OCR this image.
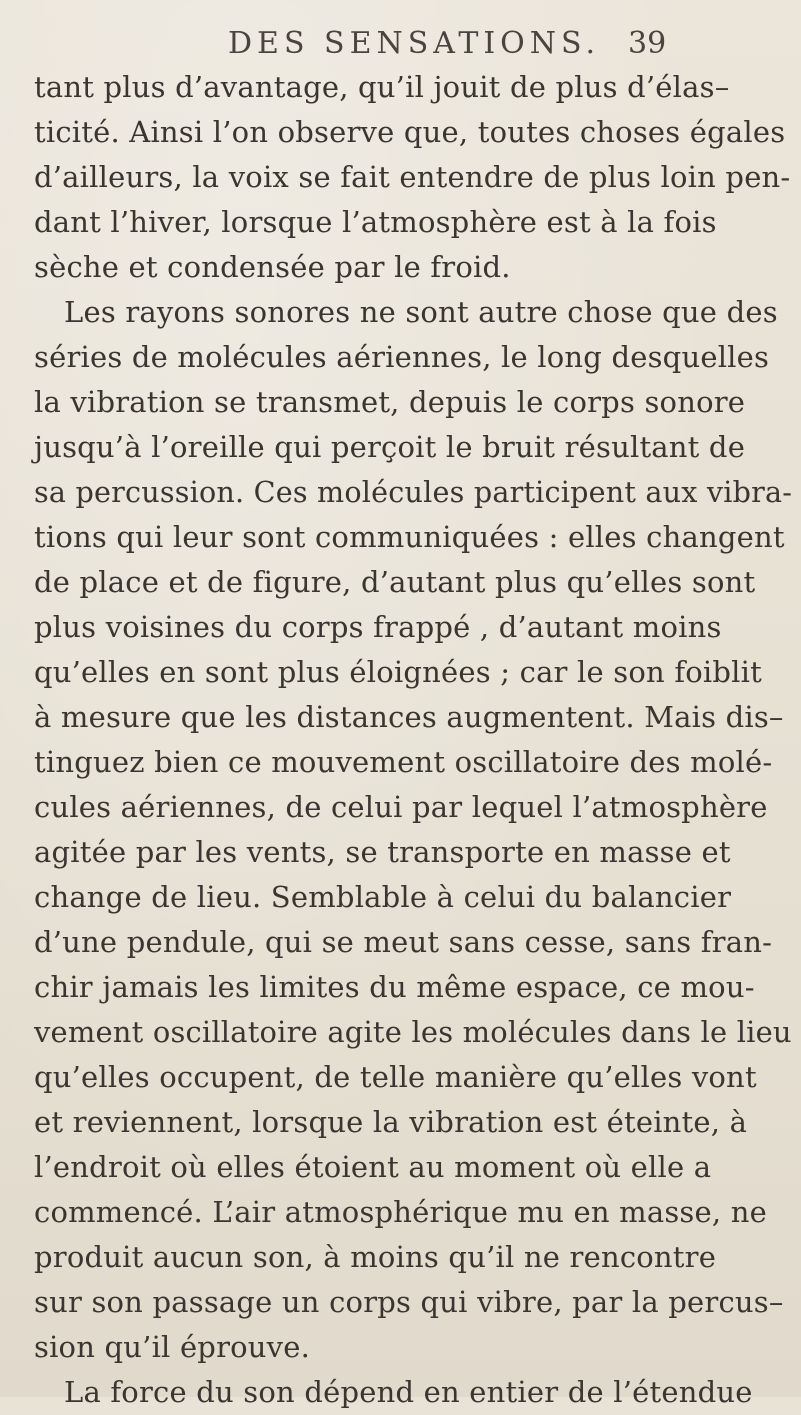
DES SENSATIONS. 39
tant plus d’avantage, qu’il jouit de plus d’élas–
ticité. Ainsi l’on observe que, toutes choses égales
d’ailleurs, la voix se fait entendre de plus loin pen-
dant l’hiver, lorsque l’atmosphère est à la fois
sèche et condensée par le froid.
Les rayons sonores ne sont autre chose que des
séries de molécules aériennes, le long desquelles
la vibration se transmet, depuis le corps sonore
jusqu’à l’oreille qui perçoit le bruit résultant de
sa percussion. Ces molécules participent aux vibra-
tions qui leur sont communiquées : elles changent
de place et de figure, d’autant plus qu’elles sont
plus voisines du corps frappé , d’autant moins
qu’elles en sont plus éloignées ; car le son foiblit
à mesure que les distances augmentent. Mais dis–
tinguez bien ce mouvement oscillatoire des molé-
cules aériennes, de celui par lequel l’atmosphère
agitée par les vents, se transporte en masse et
change de lieu. Semblable à celui du balancier
d’une pendule, qui se meut sans cesse, sans fran-
chir jamais les limites du même espace, ce mou-
vement oscillatoire agite les molécules dans le lieu
qu’elles occupent, de telle manière qu’elles vont
et reviennent, lorsque la vibration est éteinte, à
l’endroit où elles étoient au moment où elle a
commencé. L’air atmosphérique mu en masse, ne
produit aucun son, à moins qu’il ne rencontre
sur son passage un corps qui vibre, par la percus–
sion qu’il éprouve.
La force du son dépend en entier de l’étendue
